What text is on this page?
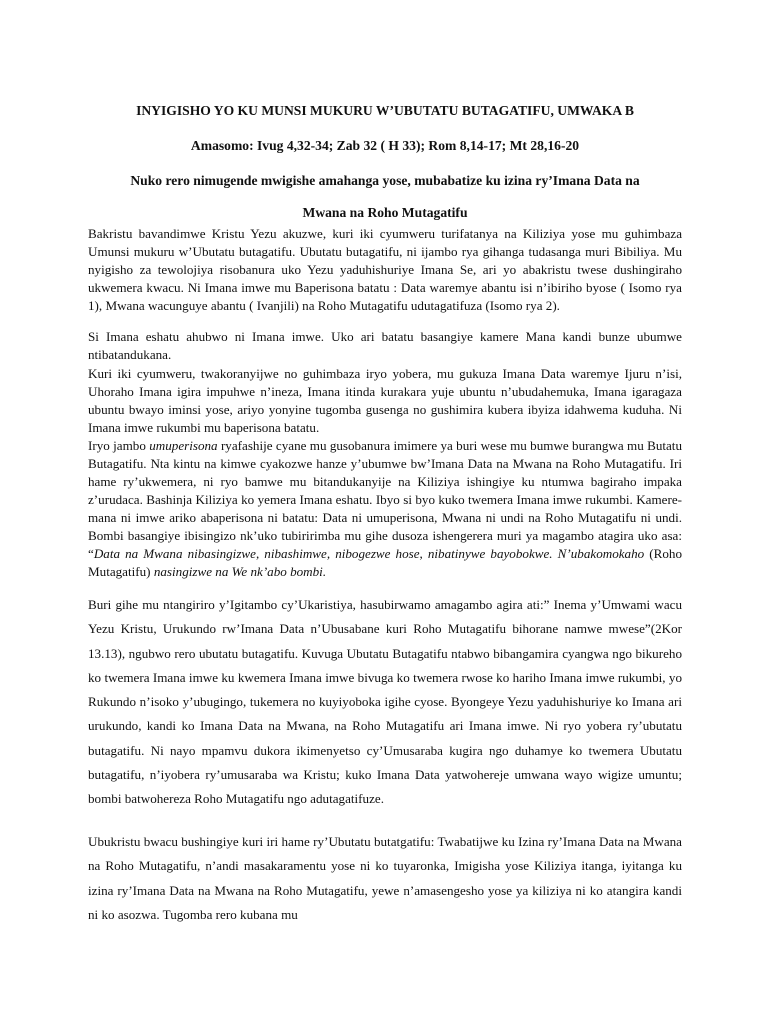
INYIGISHO YO KU MUNSI MUKURU W’UBUTATU BUTAGATIFU, UMWAKA B
Amasomo: Ivug 4,32-34; Zab 32 ( H 33); Rom 8,14-17; Mt 28,16-20
Nuko rero nimugende mwigishe amahanga yose, mubabatize ku izina ry’Imana Data na
Mwana na Roho Mutagatifu
Bakristu bavandimwe Kristu Yezu akuzwe, kuri iki cyumweru turifatanya na Kiliziya yose mu guhimbaza Umunsi mukuru w’Ubutatu butagatifu. Ubutatu butagatifu, ni ijambo rya gihanga tudasanga muri Bibiliya. Mu nyigisho za tewolojiya risobanura uko Yezu yaduhishuriye Imana Se, ari yo abakristu twese dushingiraho ukwemera kwacu. Ni Imana imwe mu Baperisona batatu : Data waremye abantu isi n’ibiriho byose ( Isomo rya 1), Mwana wacunguye abantu ( Ivanjili) na Roho Mutagatifu udutagatifuza (Isomo rya 2).
Si Imana eshatu ahubwo ni Imana imwe. Uko ari batatu basangiye kamere Mana kandi bunze ubumwe ntibatandukana.
Kuri iki cyumweru, twakoranyijwe no guhimbaza iryo yobera, mu gukuza Imana Data waremye Ijuru n’isi, Uhoraho Imana igira impuhwe n’ineza, Imana itinda kurakara yuje ubuntu n’ubudahemuka, Imana igaragaza ubuntu bwayo iminsi yose, ariyo yonyine tugomba gusenga no gushimira kubera ibyiza idahwema kuduha. Ni Imana imwe rukumbi mu baperisona batatu.
Iryo jambo umuperisona ryafashije cyane mu gusobanura imimere ya buri wese mu bumwe burangwa mu Butatu Butagatifu. Nta kintu na kimwe cyakozwe hanze y’ubumwe bw’Imana Data na Mwana na Roho Mutagatifu. Iri hame ry’ukwemera, ni ryo bamwe mu bitandukanyije na Kiliziya ishingiye ku ntumwa bagiraho impaka z’urudaca. Bashinja Kiliziya ko yemera Imana eshatu. Ibyo si byo kuko twemera Imana imwe rukumbi. Kamere-mana ni imwe ariko abaperisona ni batatu: Data ni umuperisona, Mwana ni undi na Roho Mutagatifu ni undi. Bombi basangiye ibisingizo nk’uko tubiririmba mu gihe dusoza ishengerera muri ya magambo atagira uko asa: “Data na Mwana nibasingizwe, nibashimwe, nibogezwe hose, nibatinywe bayobokwe. N’ubakomokaho (Roho Mutagatifu) nasingizwe na We nk’abo bombi.
Buri gihe mu ntangiriro y’Igitambo cy’Ukaristiya, hasubirwamo amagambo agira ati:” Inema y’Umwami wacu Yezu Kristu, Urukundo rw’Imana Data n’Ubusabane kuri Roho Mutagatifu bihorane namwe mwese”(2Kor 13.13), ngubwo rero ubutatu butagatifu. Kuvuga Ubutatu Butagatifu ntabwo bibangamira cyangwa ngo bikureho ko twemera Imana imwe ku kwemera Imana imwe bivuga ko twemera rwose ko hariho Imana imwe rukumbi, yo Rukundo n’isoko y’ubugingo, tukemera no kuyiyoboka igihe cyose. Byongeye Yezu yaduhishuriye ko Imana ari urukundo, kandi ko Imana Data na Mwana, na Roho Mutagatifu ari Imana imwe. Ni ryo yobera ry’ubutatu butagatifu. Ni nayo mpamvu dukora ikimenyetso cy’Umusaraba kugira ngo duhamye ko twemera Ubutatu butagatifu, n’iyobera ry’umusaraba wa Kristu; kuko Imana Data yatwohereje umwana wayo wigize umuntu; bombi batwohereza Roho Mutagatifu ngo adutagatifuze.
Ubukristu bwacu bushingiye kuri iri hame ry’Ubutatu butatgatifu: Twabatijwe ku Izina ry’Imana Data na Mwana na Roho Mutagatifu, n’andi masakaramentu yose ni ko tuyaronka, Imigisha yose Kiliziya itanga, iyitanga ku izina ry’Imana Data na Mwana na Roho Mutagatifu, yewe n’amasengesho yose ya kiliziya ni ko atangira kandi ni ko asozwa. Tugomba rero kubana mu
